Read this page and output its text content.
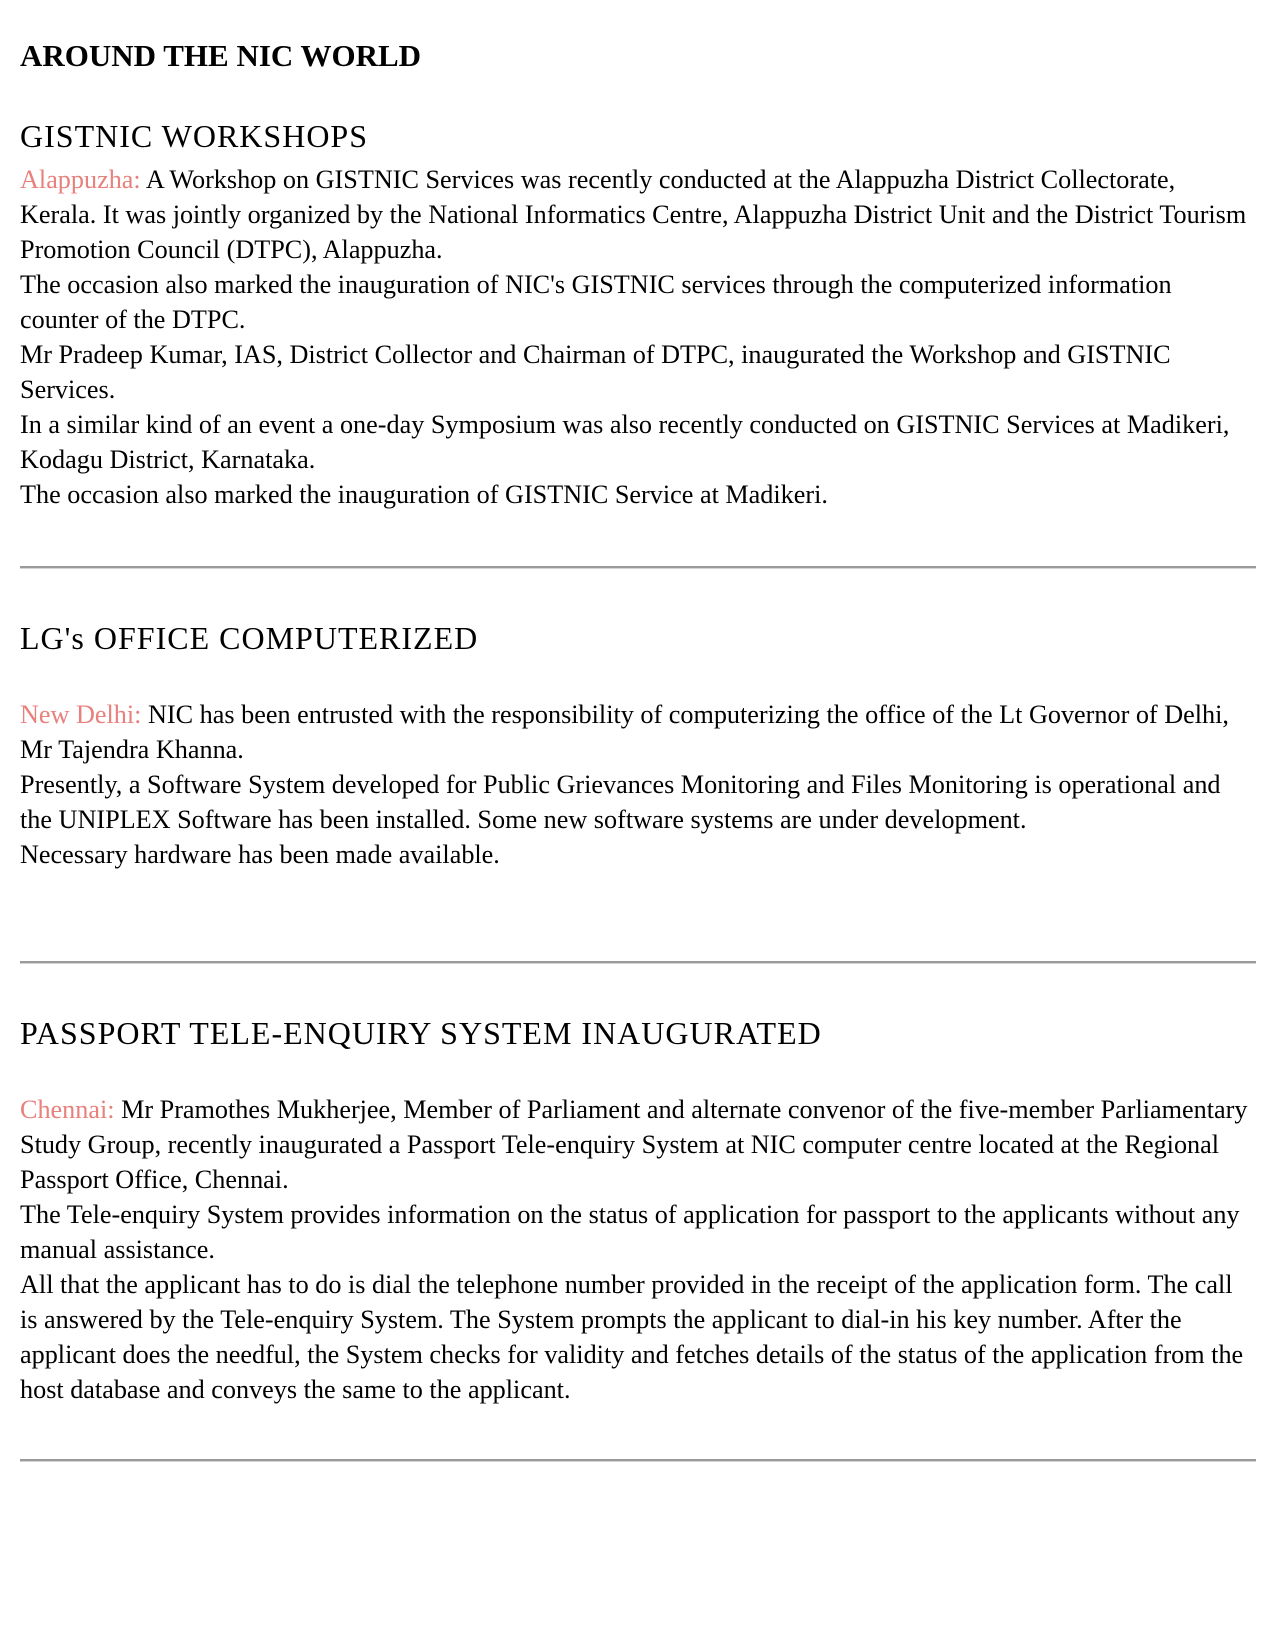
AROUND THE NIC WORLD
GISTNIC WORKSHOPS

Alappuzha: A Workshop on GISTNIC Services was recently conducted at the Alappuzha District Collectorate, Kerala. It was jointly organized by the National Informatics Centre, Alappuzha District Unit and the District Tourism Promotion Council (DTPC), Alappuzha.

The occasion also marked the inauguration of NIC's GISTNIC services through the computerized information counter of the DTPC.

Mr Pradeep Kumar, IAS, District Collector and Chairman of DTPC, inaugurated the Workshop and GISTNIC Services.

In a similar kind of an event a one-day Symposium was also recently conducted on GISTNIC Services at Madikeri, Kodagu District, Karnataka.

The occasion also marked the inauguration of GISTNIC Service at Madikeri.

LG's OFFICE COMPUTERIZED

New Delhi: NIC has been entrusted with the responsibility of computerizing the office of the Lt Governor of Delhi, Mr Tajendra Khanna.

Presently, a Software System developed for Public Grievances Monitoring and Files Monitoring is operational and the UNIPLEX Software has been installed. Some new software systems are under development.

Necessary hardware has been made available.

PASSPORT TELE-ENQUIRY SYSTEM INAUGURATED

Chennai: Mr Pramothes Mukherjee, Member of Parliament and alternate convenor of the five-member Parliamentary Study Group, recently inaugurated a Passport Tele-enquiry System at NIC computer centre located at the Regional Passport Office, Chennai.

The Tele-enquiry System provides information on the status of application for passport to the applicants without any manual assistance.

All that the applicant has to do is dial the telephone number provided in the receipt of the application form. The call is answered by the Tele-enquiry System. The System prompts the applicant to dial-in his key number. After the applicant does the needful, the System checks for validity and fetches details of the status of the application from the host database and conveys the same to the applicant.
